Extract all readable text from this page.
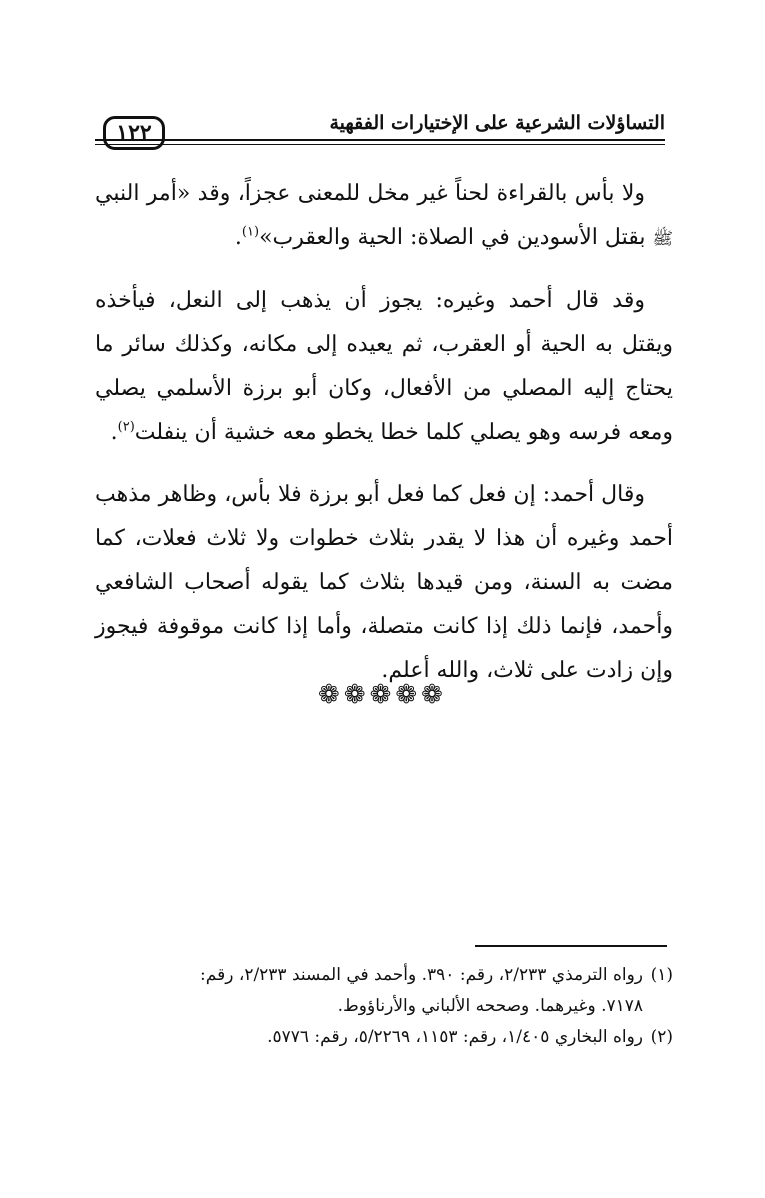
١٢٢	التساؤلات الشرعية على الإختيارات الفقهية

ولا بأس بالقراءة لحناً غير مخل للمعنى عجزاً، وقد «أمر النبي ﷺ بقتل الأسودين في الصلاة: الحية والعقرب»$^{(١)}$.

وقد قال أحمد وغيره: يجوز أن يذهب إلى النعل، فيأخذه ويقتل به الحية أو العقرب، ثم يعيده إلى مكانه، وكذلك سائر ما يحتاج إليه المصلي من الأفعال، وكان أبو برزة الأسلمي يصلي ومعه فرسه وهو يصلي كلما خطا يخطو معه خشية أن ينفلت$^{(٢)}$.

وقال أحمد: إن فعل كما فعل أبو برزة فلا بأس، وظاهر مذهب أحمد وغيره أن هذا لا يقدر بثلاث خطوات ولا ثلاث فعلات، كما مضت به السنة، ومن قيدها بثلاث كما يقوله أصحاب الشافعي وأحمد، فإنما ذلك إذا كانت متصلة، وأما إذا كانت موقوفة فيجوز وإن زادت على ثلاث، والله أعلم.

❁❁❁❁❁
(١)رواه الترمذي ٢/٢٣٣، رقم: ٣٩٠. وأحمد في المسند ٢/٢٣٣، رقم:
٧١٧٨. وغيرهما. وصححه الألباني والأرناؤوط.
(٢)رواه البخاري ١/٤٠٥، رقم: ١١٥٣، ٥/٢٢٦٩، رقم: ٥٧٧٦.
